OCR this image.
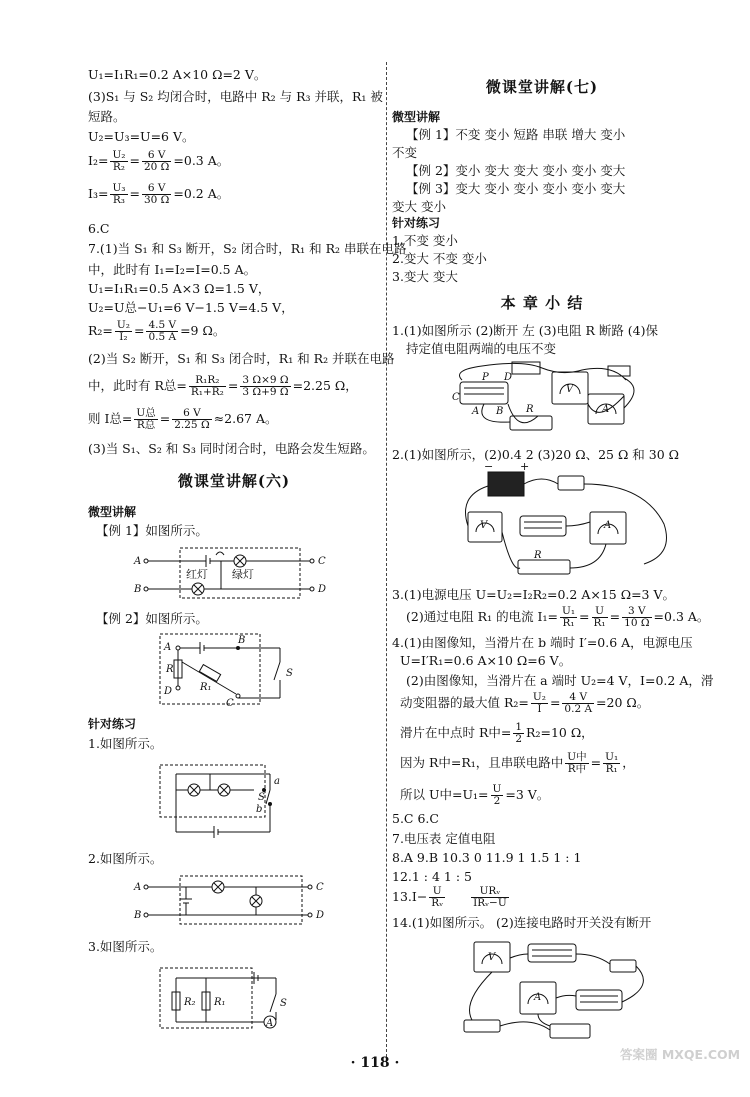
U₁=I₁R₁=0.2 A×10 Ω=2 V。
(3)S₁ 与 S₂ 均闭合时，电路中 R₂ 与 R₃ 并联，R₁ 被
短路。
U₂=U₃=U=6 V。
$I_2= \frac{\text{U₂}}{\text{R₂}} = \frac{6 V}{20 \Omega} =0.3$ A。
$I_3= \frac{\text{U₃}}{\text{R₃}} = \frac{6 V}{30 \Omega} =0.2$ A。
6.C
7.(1)当 S₁ 和 S₃ 断开，S₂ 闭合时，R₁ 和 R₂ 串联在电路
中，此时有 I₁=I₂=I=0.5 A。
U₁=I₁R₁=0.5 A×3 Ω=1.5 V，
U₂=U总−U₁=6 V−1.5 V=4.5 V，
$R_2= \frac{\text{U₂}}{\text{I₂}} = \frac{4.5 V}{0.5 A} =9$ Ω。
(2)当 S₂ 断开，S₁ 和 S₃ 闭合时，R₁ 和 R₂ 并联在电路
中，此时有 R总= $\frac{\text{R₁R₂}}{\text{R₁+R₂}} = \frac{3 \Omega\times 9 \Omega}{3 \Omega+9 \Omega} =2.25$ Ω，
则 I总= $\frac{\text{U总}}{\text{R总}} = \frac{6 V}{2.25 \Omega} \approx 2.67$ A。
(3)当 S₁、S₂ 和 S₃ 同时闭合时，电路会发生短路。
微课堂讲解(六)
微型讲解
【例 1】如图所示。
A
B
C
D
红灯 绿灯
【例 2】如图所示。
A
B
C
D
R
R₁
S
针对练习
1.如图所示。
a
b
S
2.如图所示。
A
B
C
D
3.如图所示。
R₂ R₁	S
A
微课堂讲解(七)
微型讲解
【例 1】不变 变小 短路 串联 增大 变小
不变
【例 2】变小 变大 变大 变小 变小 变大
【例 3】变大 变小 变小 变小 变小 变大
变大 变小
针对练习
1.不变 变小
2.变大 不变 变小
3.变大 变大
本 章 小 结
1.(1)如图所示 (2)断开 左 (3)电阻 R 断路 (4)保
持定值电阻两端的电压不变
P D
C
A B R
V
A
2.(1)如图所示，(2)0.4 2 (3)20 Ω、25 Ω 和 30 Ω
− +
V	A
R
3.(1)电源电压 U=U₂=I₂R₂=0.2 A×15 Ω=3 V。
(2)通过电阻 R₁ 的电流 $I_1= \frac{\text{U₁}}{\text{R₁}} = \frac{U}{\text{R₁}} = \frac{3 V}{10 \Omega} =0.3$ A。
4.(1)由图像知，当滑片在 b 端时 I′=0.6 A，电源电压
U=I′R₁=0.6 A×10 Ω=6 V。
(2)由图像知，当滑片在 a 端时 U₂=4 V，I=0.2 A，滑
动变阻器的最大值 $R_2= \frac{\text{U₂}}{I} = \frac{4 V}{0.2 A} =20$ Ω。
滑片在中点时 R中= $\frac{1}{2} R_2=10$ Ω，
因为 R中=R₁，且串联电路中 $\frac{\text{U中}}{\text{R中}} = \frac{\text{U₁}}{\text{R₁}}$ ，
所以 U中$=U_1= \frac{U}{2} =3$ V。
5.C 6.C
7.电压表 定值电阻
8.A 9.B 10.3 0 11.9 1 1.5 1 : 1
12.1 : 4 1 : 5
$13.I- \frac{U}{\text{Rᵥ}}$
$\frac{\text{URᵥ}}{\text{IRᵥ−U}}$
14.(1)如图所示。 (2)连接电路时开关没有断开
V
A
· 118 ·
答案圈 MXQE.COM
